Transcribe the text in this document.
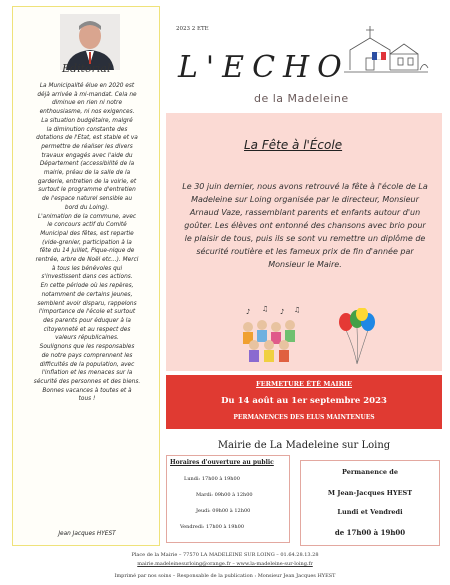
Editorial

La Municipalité élue en 2020 est

déjà arrivée à mi-mandat. Cela ne

diminue en rien ni notre

enthousiasme, ni nos exigences.

La situation budgétaire, malgré

la diminution constante des

dotations de l'Etat, est stable et va

permettre de réaliser les divers

travaux engagés avec l'aide du

Département (accessibilité de la

mairie, préau de la salle de la

garderie, entretien de la voirie, et

surtout le programme d'entretien

de l'espace naturel sensible au

bord du Loing).

L'animation de la commune, avec

le concours actif du Comité

Municipal des fêtes, est repartie

(vide-grenier, participation à la

fête du 14 juillet, Pique-nique de

rentrée, arbre de Noël etc...). Merci

à tous les bénévoles qui

s'investissent dans ces actions.

En cette période où les repères,

notamment de certains jeunes,

semblent avoir disparu, rappelons

l'importance de l'école et surtout

des parents pour éduquer à la

citoyenneté et au respect des

valeurs républicaines.

Soulignons que les responsables

de notre pays comprennent les

difficultés de la population, avec

l'inflation et les menaces sur la

sécurité des personnes et des biens.

Bonnes vacances à toutes et à

tous !

Jean Jacques HYEST
2023 2 ETE
L'ECHO
de la Madeleine
La Fête à l'École
Le 30 juin dernier, nous avons retrouvé la fête à l'école de La Madeleine sur Loing organisée par le directeur, Monsieur Arnaud Vaze, rassemblant parents et enfants autour d'un goûter. Les élèves ont entonné des chansons avec brio pour le plaisir de tous, puis ils se sont vu remettre un diplôme de sécurité routière et les fameux prix de fin d'année par Monsieur le Maire.
♪ ♫ ♪ ♫
FERMETURE ÉTÉ MAIRIE
Du 14 août au 1er septembre 2023
PERMANENCES DES ELUS MAINTENUES
Mairie de La Madeleine sur Loing
Horaires d'ouverture au public
Lundi: 17h00 à 19h00
Mardi: 09h00 à 12h00
Jeudi: 09h00 à 12h00
Vendredi: 17h00 à 19h00
Permanence de
M Jean-Jacques HYEST
Lundi et Vendredi
de 17h00 à 19h00
Place de la Mairie – 77570 LA MADELEINE SUR LOING – 01.64.28.13.28
mairie.madeleinesurloing@orange.fr – www.la-madeleine-sur-loing.fr
Imprimé par nos soins – Responsable de la publication : Monsieur Jean Jacques HYEST
